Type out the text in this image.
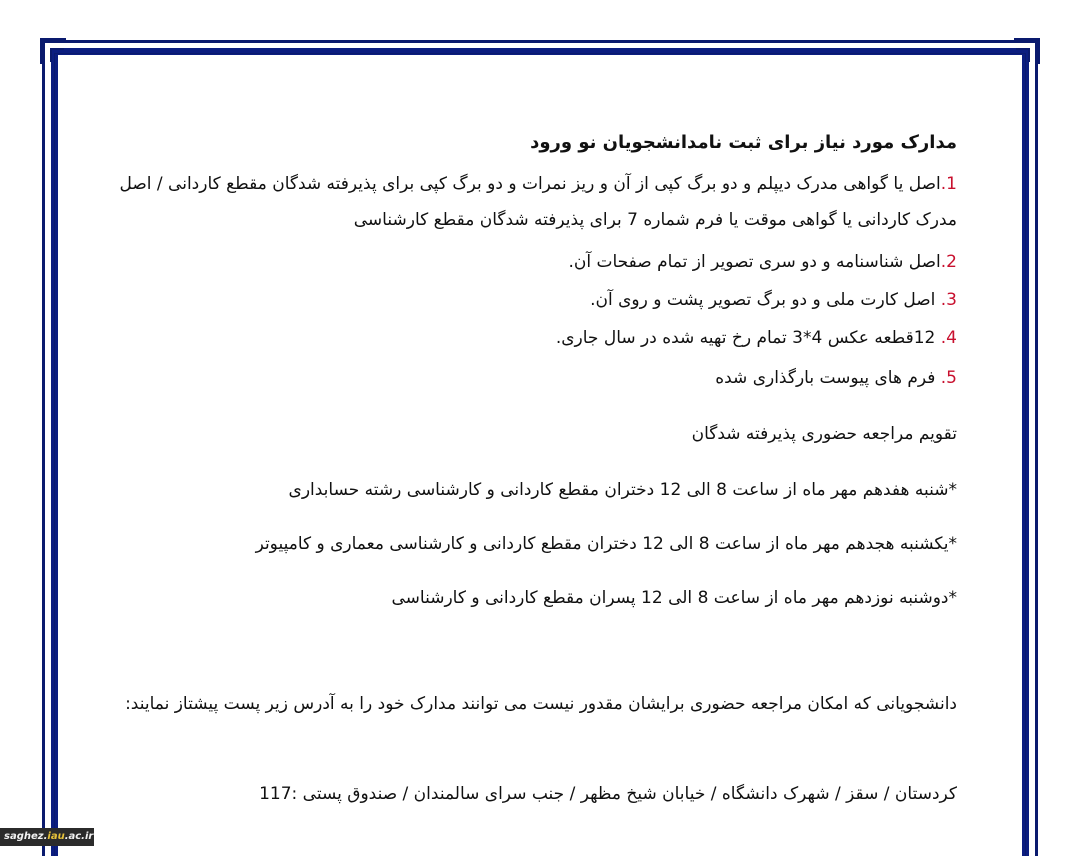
مدارک مورد نیاز برای ثبت نامدانشجویان نو ورود
1.اصل یا گواهی مدرک دیپلم و دو برگ کپی از آن و ریز نمرات و دو برگ کپی برای پذیرفته شدگان مقطع کاردانی / اصل مدرک کاردانی یا گواهی موقت یا فرم شماره 7 برای پذیرفته شدگان مقطع کارشناسی
2.اصل شناسنامه و دو سری تصویر از تمام صفحات آن.
3. اصل کارت ملی و دو برگ تصویر پشت و روی آن.
4. 12قطعه عکس 4*3 تمام رخ تهیه شده در سال جاری.
5. فرم های پیوست بارگذاری شده
تقویم مراجعه حضوری پذیرفته شدگان
*شنبه هفدهم مهر ماه از ساعت 8 الی 12 دختران مقطع کاردانی و کارشناسی رشته حسابداری
*یکشنبه هجدهم مهر ماه از ساعت 8 الی 12 دختران مقطع کاردانی و کارشناسی معماری و کامپیوتر
*دوشنبه نوزدهم مهر ماه از ساعت 8 الی 12 پسران مقطع کاردانی و کارشناسی
دانشجویانی که امکان مراجعه حضوری برایشان مقدور نیست می توانند مدارک خود را به آدرس زیر پست پیشتاز نمایند:
کردستان / سقز / شهرک دانشگاه / خیابان شیخ مظهر / جنب سرای سالمندان / صندوق پستی :117
saghez.iau.ac.ir
